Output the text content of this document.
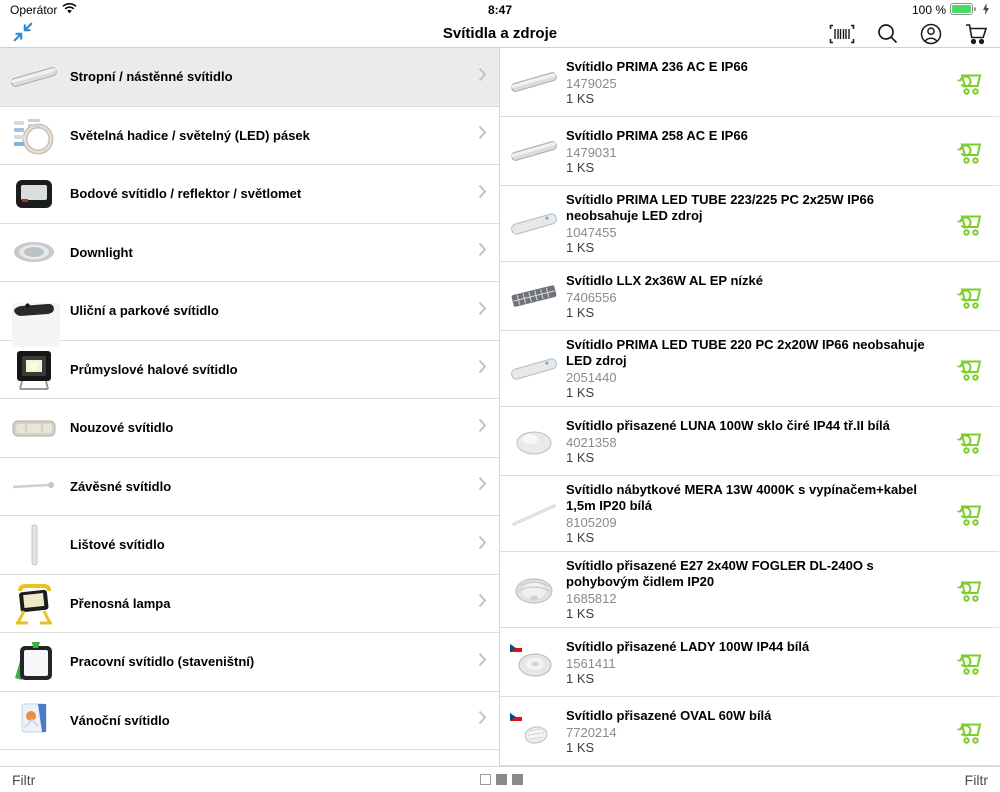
Operátor	8:47	100 %
Svítidla a zdroje
Stropní / nástěnné svítidlo
Světelná hadice / světelný (LED) pásek
Bodové svítidlo / reflektor / světlomet
Downlight
Uliční a parkové svítidlo
Průmyslové halové svítidlo
Nouzové svítidlo
Závěsné svítidlo
Lištové svítidlo
Přenosná lampa
Pracovní svítidlo (staveništní)
Vánoční svítidlo
Svítidlo PRIMA 236 AC E IP66
1479025
1 KS
Svítidlo PRIMA 258 AC E IP66
1479031
1 KS
Svítidlo PRIMA LED TUBE 223/225 PC 2x25W IP66 neobsahuje LED zdroj
1047455
1 KS
Svítidlo LLX 2x36W AL EP nízké
7406556
1 KS
Svítidlo PRIMA LED TUBE 220 PC 2x20W IP66 neobsahuje LED zdroj
2051440
1 KS
Svítidlo přisazené LUNA 100W sklo čiré IP44 tř.II bílá
4021358
1 KS
Svítidlo nábytkové MERA 13W 4000K s vypínačem+kabel 1,5m IP20 bílá
8105209
1 KS
Svítidlo přisazené E27 2x40W FOGLER DL-240O s pohybovým čidlem IP20
1685812
1 KS
Svítidlo přisazené LADY 100W IP44 bílá
1561411
1 KS
Svítidlo přisazené OVAL 60W bílá
7720214
1 KS
Filtr	Filtr
